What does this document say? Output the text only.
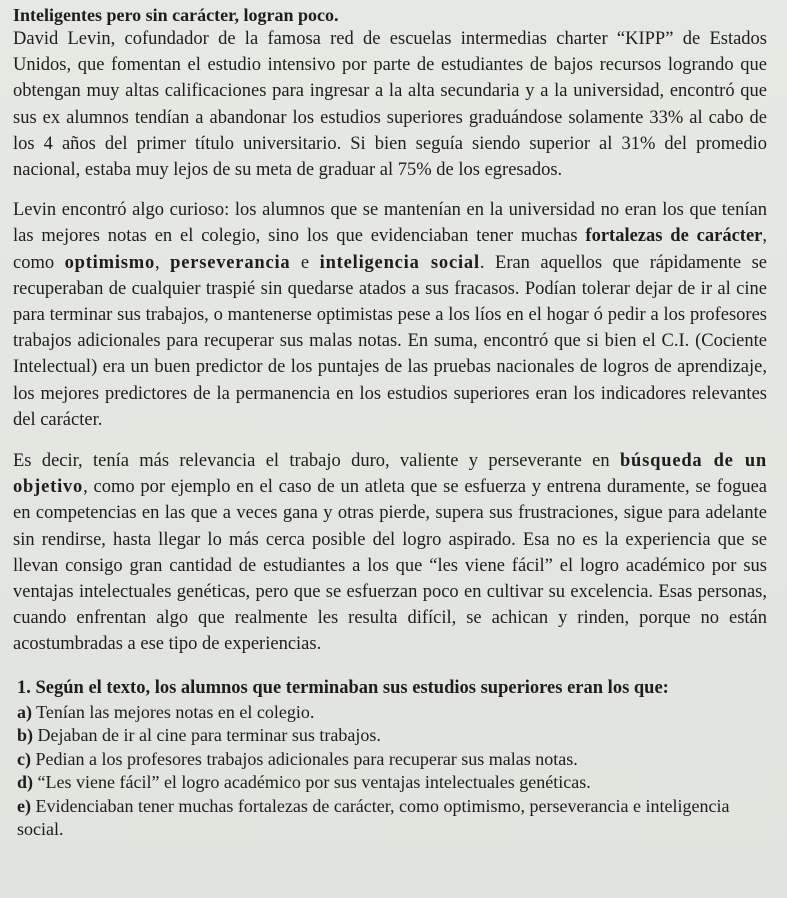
Inteligentes pero sin carácter, logran poco.

David Levin, cofundador de la famosa red de escuelas intermedias charter “KIPP” de Estados Unidos, que fomentan el estudio intensivo por parte de estudiantes de bajos recursos logrando que obtengan muy altas calificaciones para ingresar a la alta secundaria y a la universidad, encontró que sus ex alumnos tendían a abandonar los estudios superiores graduándose solamente 33% al cabo de los 4 años del primer título universitario. Si bien seguía siendo superior al 31% del promedio nacional, estaba muy lejos de su meta de graduar al 75% de los egresados.

Levin encontró algo curioso: los alumnos que se mantenían en la universidad no eran los que tenían las mejores notas en el colegio, sino los que evidenciaban tener muchas fortalezas de carácter, como optimismo, perseverancia e inteligencia social. Eran aquellos que rápidamente se recuperaban de cualquier traspié sin quedarse atados a sus fracasos. Podían tolerar dejar de ir al cine para terminar sus trabajos, o mantenerse optimistas pese a los líos en el hogar ó pedir a los profesores trabajos adicionales para recuperar sus malas notas. En suma, encontró que si bien el C.I. (Cociente Intelectual) era un buen predictor de los puntajes de las pruebas nacionales de logros de aprendizaje, los mejores predictores de la permanencia en los estudios superiores eran los indicadores relevantes del carácter.

Es decir, tenía más relevancia el trabajo duro, valiente y perseverante en búsqueda de un objetivo, como por ejemplo en el caso de un atleta que se esfuerza y entrena duramente, se foguea en competencias en las que a veces gana y otras pierde, supera sus frustraciones, sigue para adelante sin rendirse, hasta llegar lo más cerca posible del logro aspirado. Esa no es la experiencia que se llevan consigo gran cantidad de estudiantes a los que “les viene fácil” el logro académico por sus ventajas intelectuales genéticas, pero que se esfuerzan poco en cultivar su excelencia. Esas personas, cuando enfrentan algo que realmente les resulta difícil, se achican y rinden, porque no están acostumbradas a ese tipo de experiencias.

1. Según el texto, los alumnos que terminaban sus estudios superiores eran los que:
a) Tenían las mejores notas en el colegio.
b) Dejaban de ir al cine para terminar sus trabajos.
c) Pedian a los profesores trabajos adicionales para recuperar sus malas notas.
d) “Les viene fácil” el logro académico por sus ventajas intelectuales genéticas.
e) Evidenciaban tener muchas fortalezas de carácter, como optimismo, perseverancia e inteligencia social.
